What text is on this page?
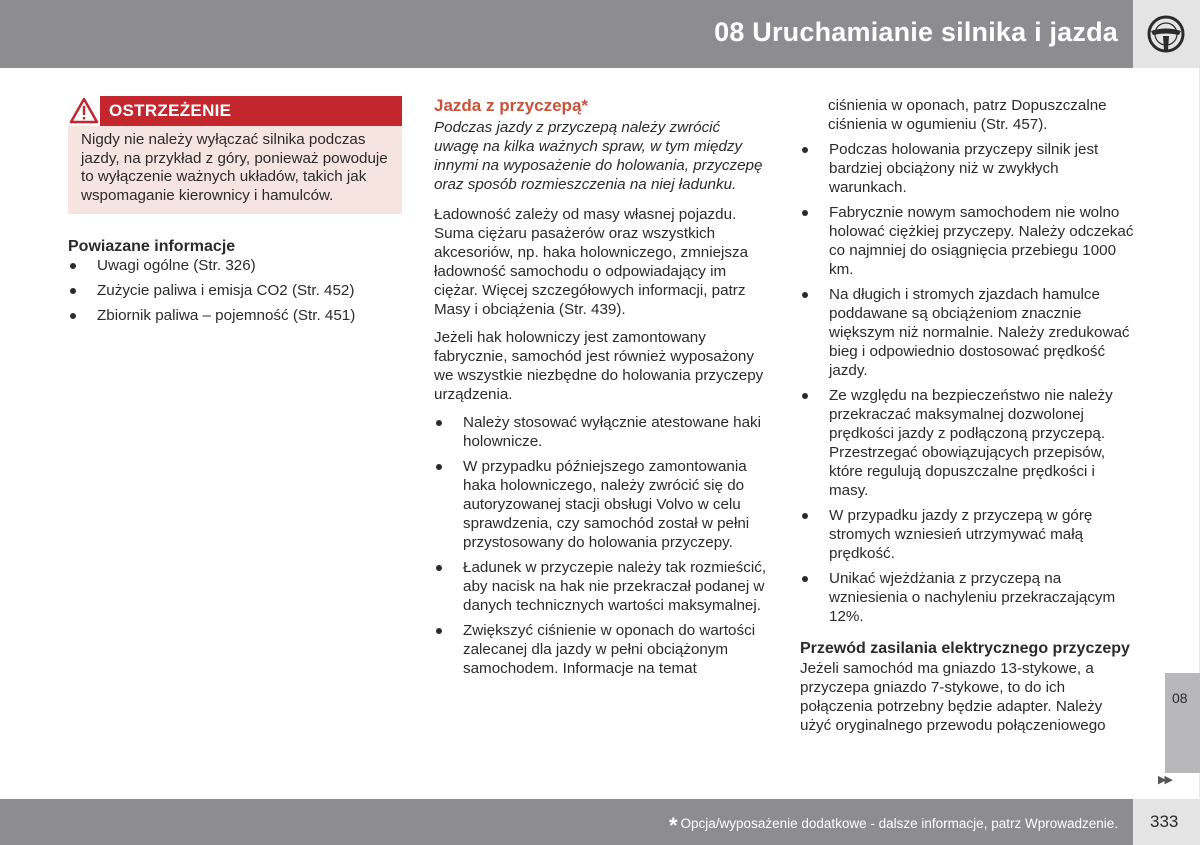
08 Uruchamianie silnika i jazda
OSTRZEŻENIE
Nigdy nie należy wyłączać silnika podczas jazdy, na przykład z góry, ponieważ powoduje to wyłączenie ważnych układów, takich jak wspomaganie kierownicy i hamulców.

Powiazane informacje

Uwagi ogólne (Str. 326)
Zużycie paliwa i emisja CO2 (Str. 452)
Zbiornik paliwa – pojemność (Str. 451)

Jazda z przyczepą*

Podczas jazdy z przyczepą należy zwrócić uwagę na kilka ważnych spraw, w tym między innymi na wyposażenie do holowania, przyczepę oraz sposób rozmieszczenia na niej ładunku.

Ładowność zależy od masy własnej pojazdu. Suma ciężaru pasażerów oraz wszystkich akcesoriów, np. haka holowniczego, zmniejsza ładowność samochodu o odpowiadający im ciężar. Więcej szczegółowych informacji, patrz Masy i obciążenia (Str. 439).

Jeżeli hak holowniczy jest zamontowany fabrycznie, samochód jest również wyposażony we wszystkie niezbędne do holowania przyczepy urządzenia.

Należy stosować wyłącznie atestowane haki holownicze.
W przypadku późniejszego zamontowania haka holowniczego, należy zwrócić się do autoryzowanej stacji obsługi Volvo w celu sprawdzenia, czy samochód został w pełni przystosowany do holowania przyczepy.
Ładunek w przyczepie należy tak rozmieścić, aby nacisk na hak nie przekraczał podanej w danych technicznych wartości maksymalnej.
Zwiększyć ciśnienie w oponach do wartości zalecanej dla jazdy w pełni obciążonym samochodem. Informacje na temat

ciśnienia w oponach, patrz Dopuszczalne ciśnienia w ogumieniu (Str. 457).

Podczas holowania przyczepy silnik jest bardziej obciążony niż w zwykłych warunkach.
Fabrycznie nowym samochodem nie wolno holować ciężkiej przyczepy. Należy odczekać co najmniej do osiągnięcia przebiegu 1000 km.
Na długich i stromych zjazdach hamulce poddawane są obciążeniom znacznie większym niż normalnie. Należy zredukować bieg i odpowiednio dostosować prędkość jazdy.
Ze względu na bezpieczeństwo nie należy przekraczać maksymalnej dozwolonej prędkości jazdy z podłączoną przyczepą. Przestrzegać obowiązujących przepisów, które regulują dopuszczalne prędkości i masy.
W przypadku jazdy z przyczepą w górę stromych wzniesień utrzymywać małą prędkość.
Unikać wjeżdżania z przyczepą na wzniesienia o nachyleniu przekraczającym 12%.

Przewód zasilania elektrycznego przyczepy

Jeżeli samochód ma gniazdo 13-stykowe, a przyczepa gniazdo 7-stykowe, to do ich połączenia potrzebny będzie adapter. Należy użyć oryginalnego przewodu połączeniowego

08
▶▶
* Opcja/wyposażenie dodatkowe - dalsze informacje, patrz Wprowadzenie. 333
